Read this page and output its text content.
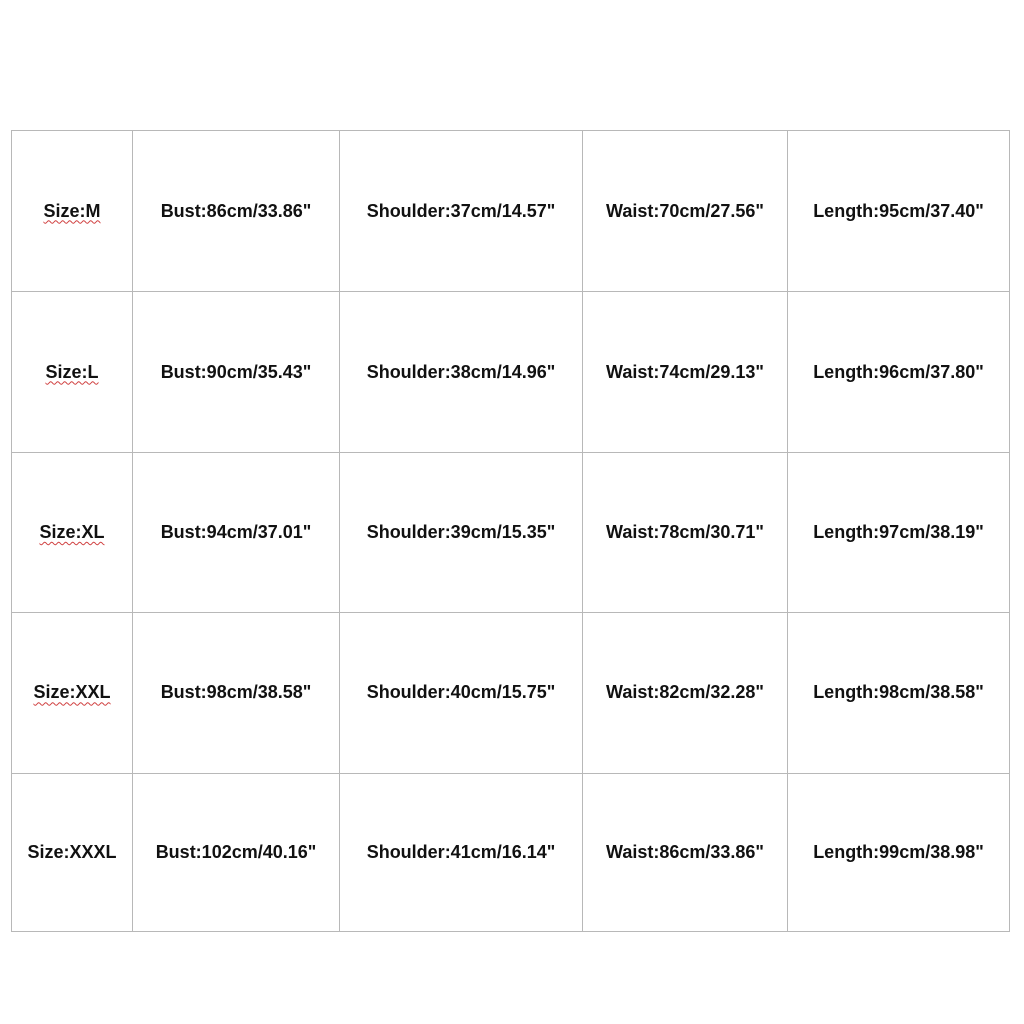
Size:M	Bust:86cm/33.86"	Shoulder:37cm/14.57"	Waist:70cm/27.56"	Length:95cm/37.40"
Size:L	Bust:90cm/35.43"	Shoulder:38cm/14.96"	Waist:74cm/29.13"	Length:96cm/37.80"
Size:XL	Bust:94cm/37.01"	Shoulder:39cm/15.35"	Waist:78cm/30.71"	Length:97cm/38.19"
Size:XXL	Bust:98cm/38.58"	Shoulder:40cm/15.75"	Waist:82cm/32.28"	Length:98cm/38.58"
Size:XXXL	Bust:102cm/40.16"	Shoulder:41cm/16.14"	Waist:86cm/33.86"	Length:99cm/38.98"
